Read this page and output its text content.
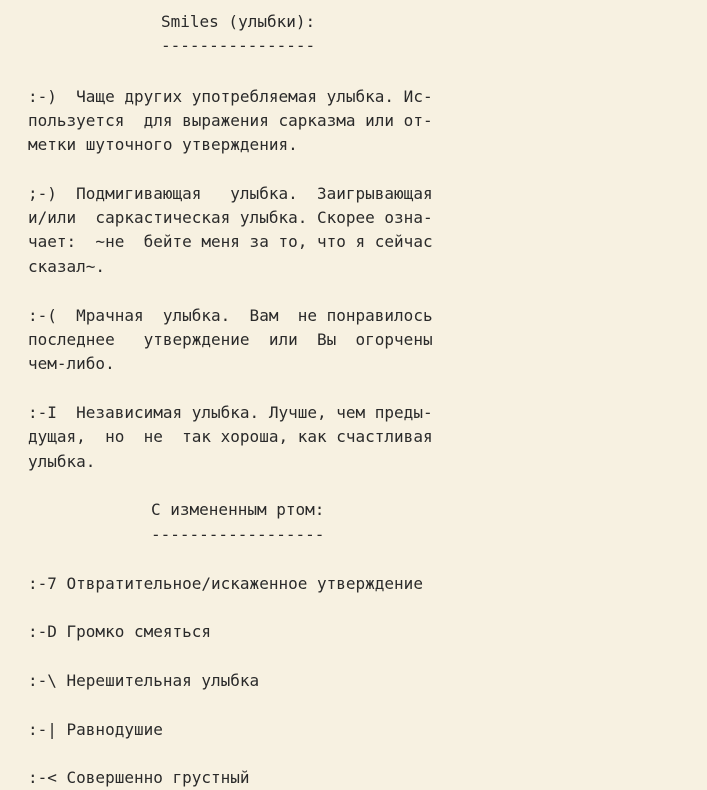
Smiles (улыбки):
----------------
:-)  Чаще других употребляемая улыбка. Ис-
пользуется  для выражения сарказма или от-
метки шуточного утверждения.
;-)  Подмигивающая   улыбка.  Заигрывающая
и/или  саркастическая улыбка. Скорее озна-
чает:  ~не  бейте меня за то, что я сейчас
сказал~.
:-(  Мрачная  улыбка.  Вам  не понравилось
последнее   утверждение  или  Вы  огорчены
чем-либо.
:-I  Независимая улыбка. Лучше, чем преды-
дущая,  но  не  так хороша, как счастливая
улыбка.
С измененным ртом:
------------------
:-7 Отвратительное/искаженное утверждение
:-D Громко смеяться
:-\ Нерешительная улыбка
:-| Равнодушие
:-< Совершенно грустный
